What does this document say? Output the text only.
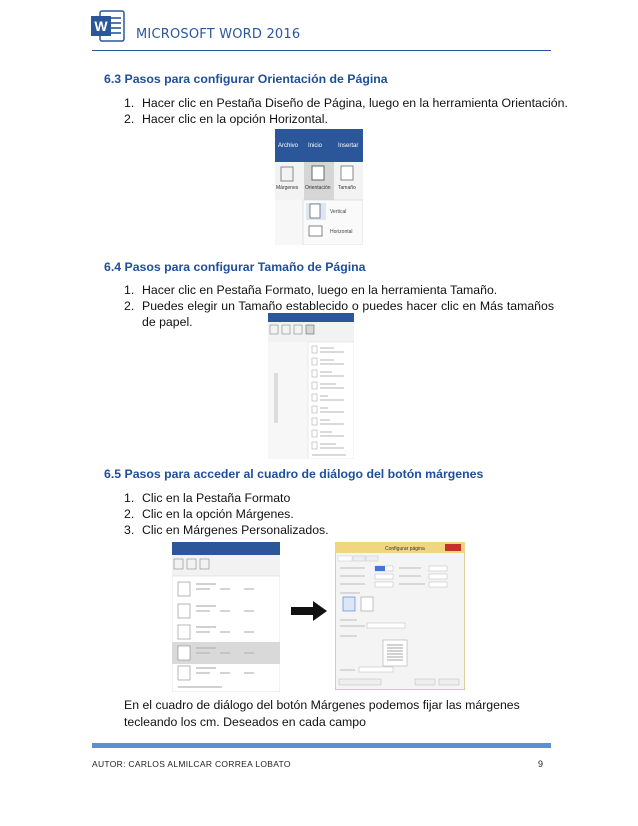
W
MICROSOFT WORD 2016
6.3 Pasos para configurar Orientación de Página
1. Hacer clic en Pestaña Diseño de Página, luego en la herramienta Orientación.
2. Hacer clic en la opción Horizontal.
Archivo Inicio	Insertar
Márgenes Orientación Tamaño
Vertical
Horizontal
6.4 Pasos para configurar Tamaño de Página
1. Hacer clic en Pestaña Formato, luego en la herramienta Tamaño.
2. Puedes elegir un Tamaño establecido o puedes hacer clic en Más tamaños de papel.
6.5 Pasos para acceder al cuadro de diálogo del botón márgenes
1. Clic en la Pestaña Formato
2. Clic en la opción Márgenes.
3. Clic en Márgenes Personalizados.
Configurar página
En el cuadro de diálogo del botón Márgenes podemos fijar las márgenes tecleando los cm. Deseados en cada campo
AUTOR: CARLOS ALMILCAR CORREA LOBATO	9
